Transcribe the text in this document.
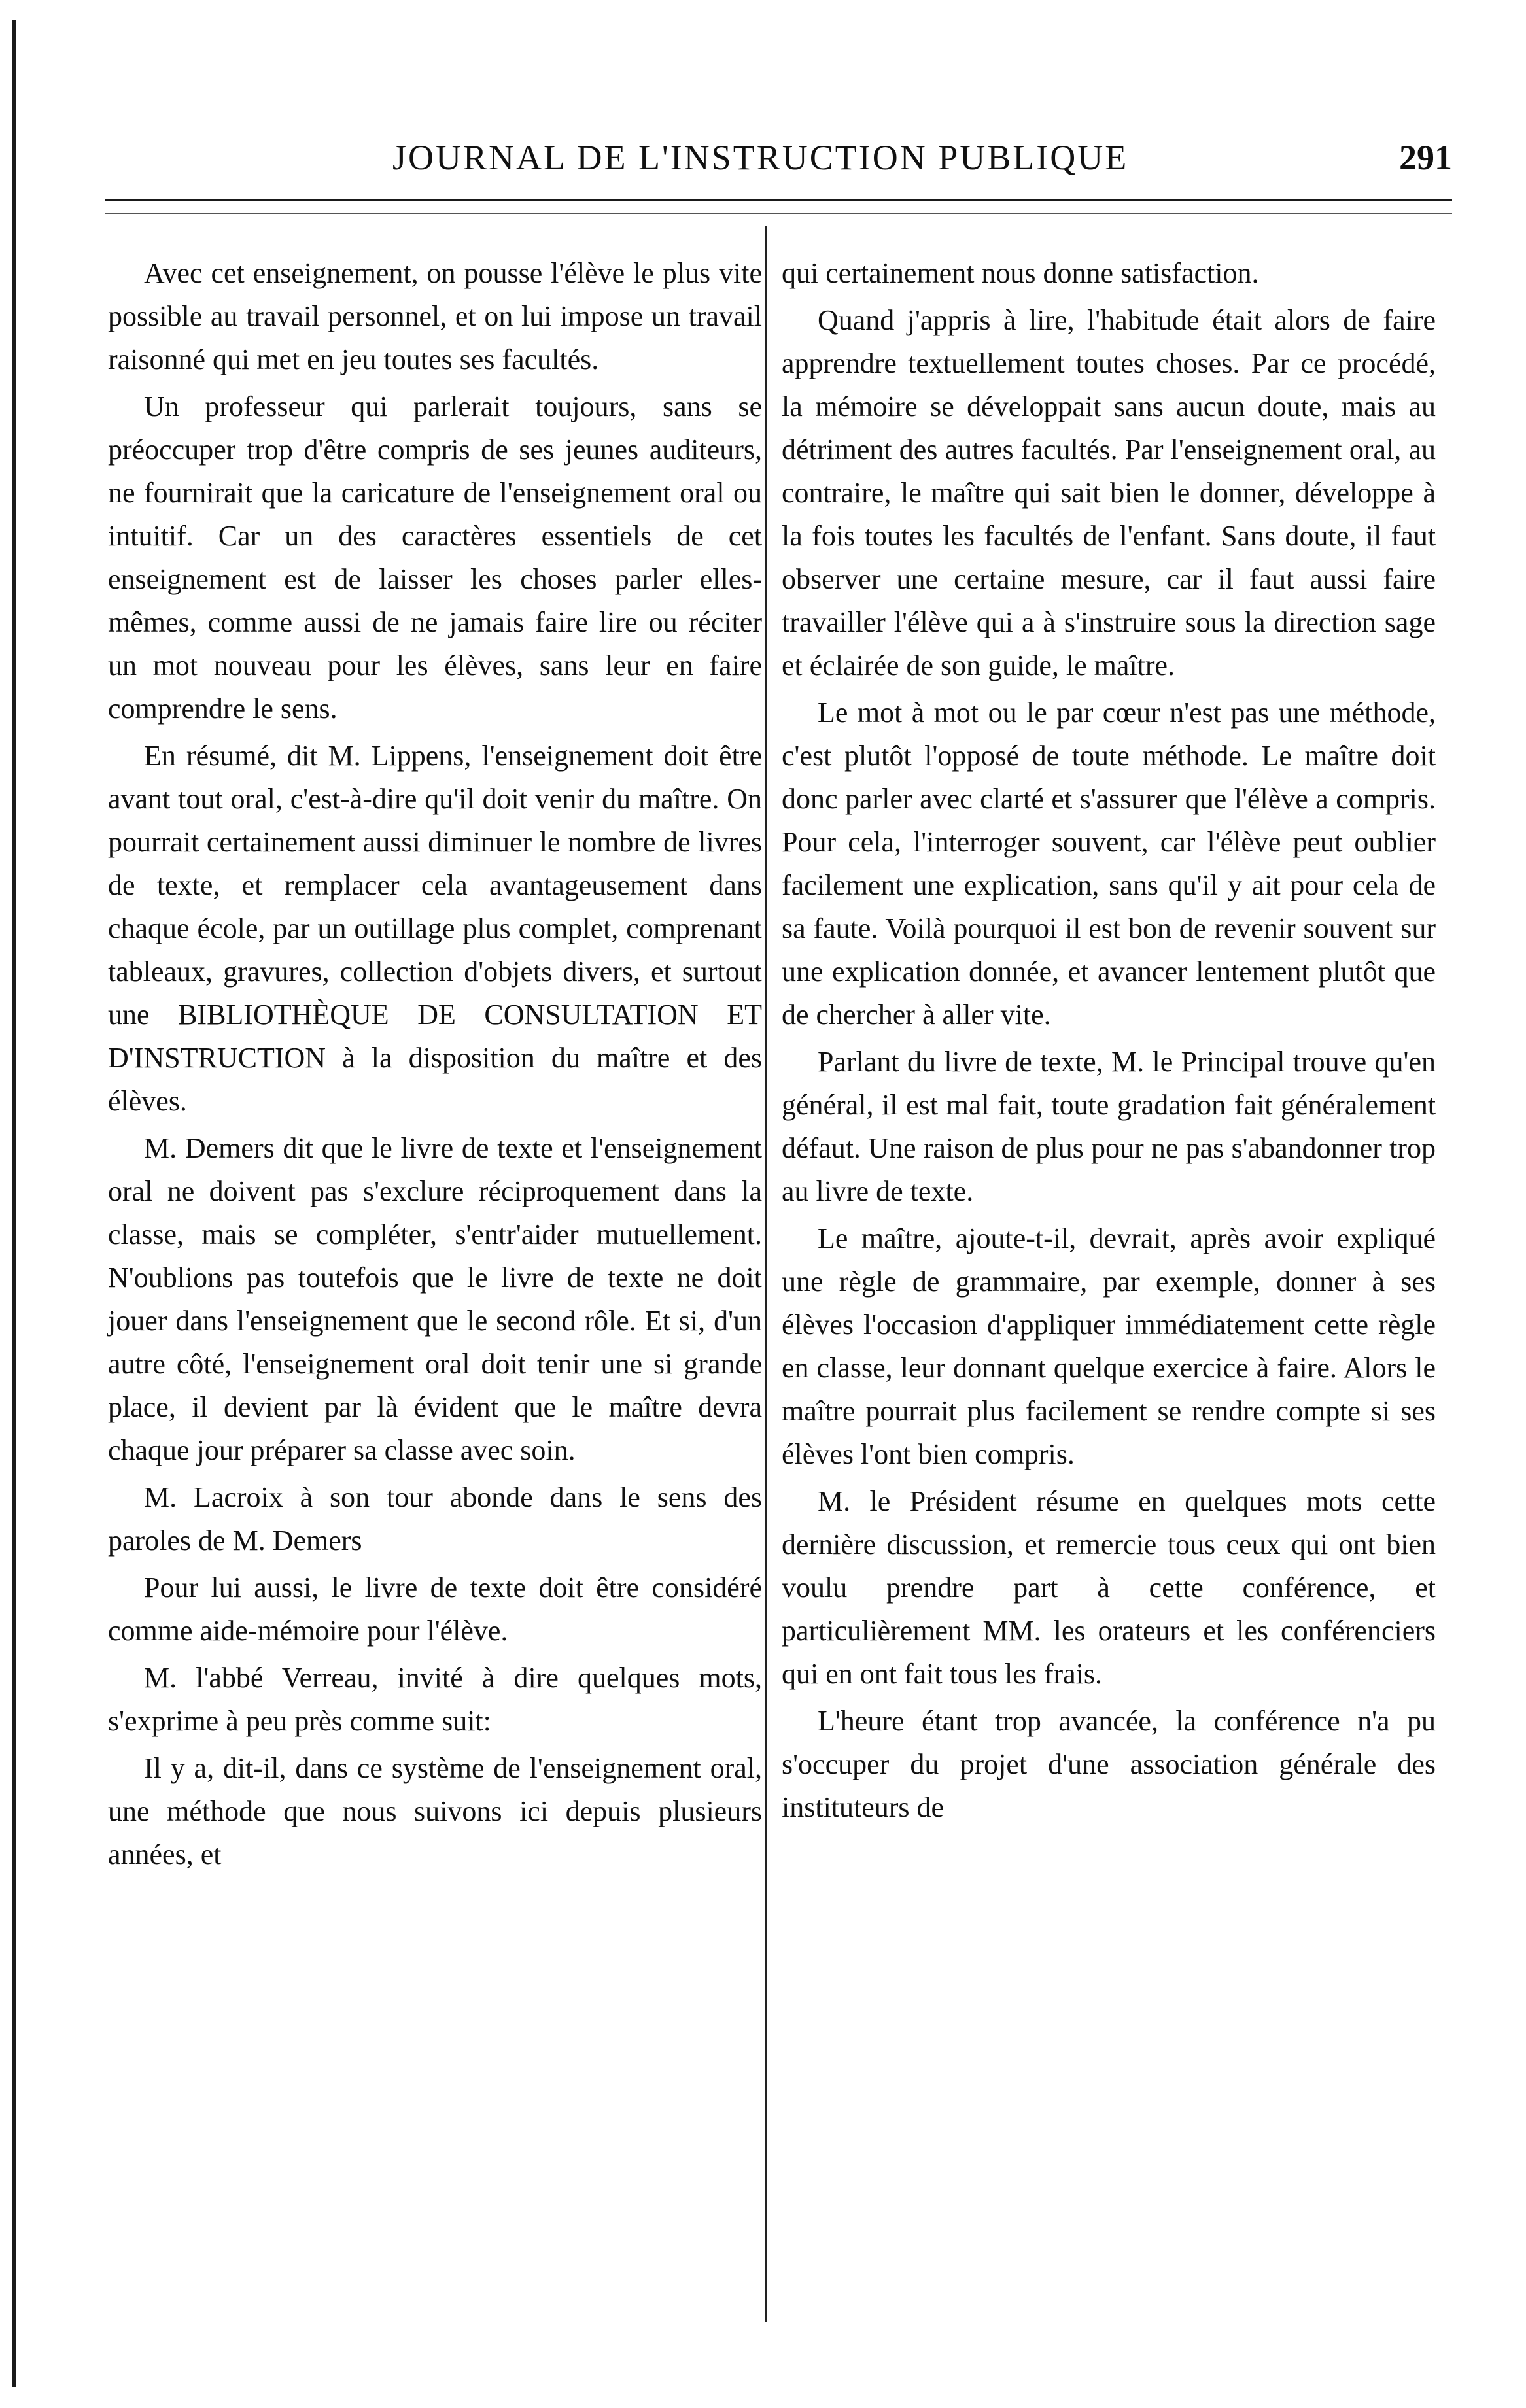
JOURNAL DE L'INSTRUCTION PUBLIQUE	291

Avec cet enseignement, on pousse l'élève le plus vite possible au travail personnel, et on lui impose un travail raisonné qui met en jeu toutes ses facultés.

Un professeur qui parlerait toujours, sans se préoccuper trop d'être compris de ses jeunes auditeurs, ne fournirait que la caricature de l'enseignement oral ou intuitif. Car un des caractères essentiels de cet enseignement est de laisser les choses parler elles-mêmes, comme aussi de ne jamais faire lire ou réciter un mot nouveau pour les élèves, sans leur en faire comprendre le sens.

En résumé, dit M. Lippens, l'enseignement doit être avant tout oral, c'est-à-dire qu'il doit venir du maître. On pourrait certainement aussi diminuer le nombre de livres de texte, et remplacer cela avantageusement dans chaque école, par un outillage plus complet, comprenant tableaux, gravures, collection d'objets divers, et surtout une BIBLIOTHÈQUE DE CONSULTATION ET D'INSTRUCTION à la disposition du maître et des élèves.

M. Demers dit que le livre de texte et l'enseignement oral ne doivent pas s'exclure réciproquement dans la classe, mais se compléter, s'entr'aider mutuellement. N'oublions pas toutefois que le livre de texte ne doit jouer dans l'enseignement que le second rôle. Et si, d'un autre côté, l'enseignement oral doit tenir une si grande place, il devient par là évident que le maître devra chaque jour préparer sa classe avec soin.

M. Lacroix à son tour abonde dans le sens des paroles de M. Demers

Pour lui aussi, le livre de texte doit être considéré comme aide-mémoire pour l'élève.

M. l'abbé Verreau, invité à dire quelques mots, s'exprime à peu près comme suit:

Il y a, dit-il, dans ce système de l'enseignement oral, une méthode que nous suivons ici depuis plusieurs années, et

qui certainement nous donne satisfaction.

Quand j'appris à lire, l'habitude était alors de faire apprendre textuellement toutes choses. Par ce procédé, la mémoire se développait sans aucun doute, mais au détriment des autres facultés. Par l'enseignement oral, au contraire, le maître qui sait bien le donner, développe à la fois toutes les facultés de l'enfant. Sans doute, il faut observer une certaine mesure, car il faut aussi faire travailler l'élève qui a à s'instruire sous la direction sage et éclairée de son guide, le maître.

Le mot à mot ou le par cœur n'est pas une méthode, c'est plutôt l'opposé de toute méthode. Le maître doit donc parler avec clarté et s'assurer que l'élève a compris. Pour cela, l'interroger souvent, car l'élève peut oublier facilement une explication, sans qu'il y ait pour cela de sa faute. Voilà pourquoi il est bon de revenir souvent sur une explication donnée, et avancer lentement plutôt que de chercher à aller vite.

Parlant du livre de texte, M. le Principal trouve qu'en général, il est mal fait, toute gradation fait généralement défaut. Une raison de plus pour ne pas s'abandonner trop au livre de texte.

Le maître, ajoute-t-il, devrait, après avoir expliqué une règle de grammaire, par exemple, donner à ses élèves l'occasion d'appliquer immédiatement cette règle en classe, leur donnant quelque exercice à faire. Alors le maître pourrait plus facilement se rendre compte si ses élèves l'ont bien compris.

M. le Président résume en quelques mots cette dernière discussion, et remercie tous ceux qui ont bien voulu prendre part à cette conférence, et particulièrement MM. les orateurs et les conférenciers qui en ont fait tous les frais.

L'heure étant trop avancée, la conférence n'a pu s'occuper du projet d'une association générale des instituteurs de
